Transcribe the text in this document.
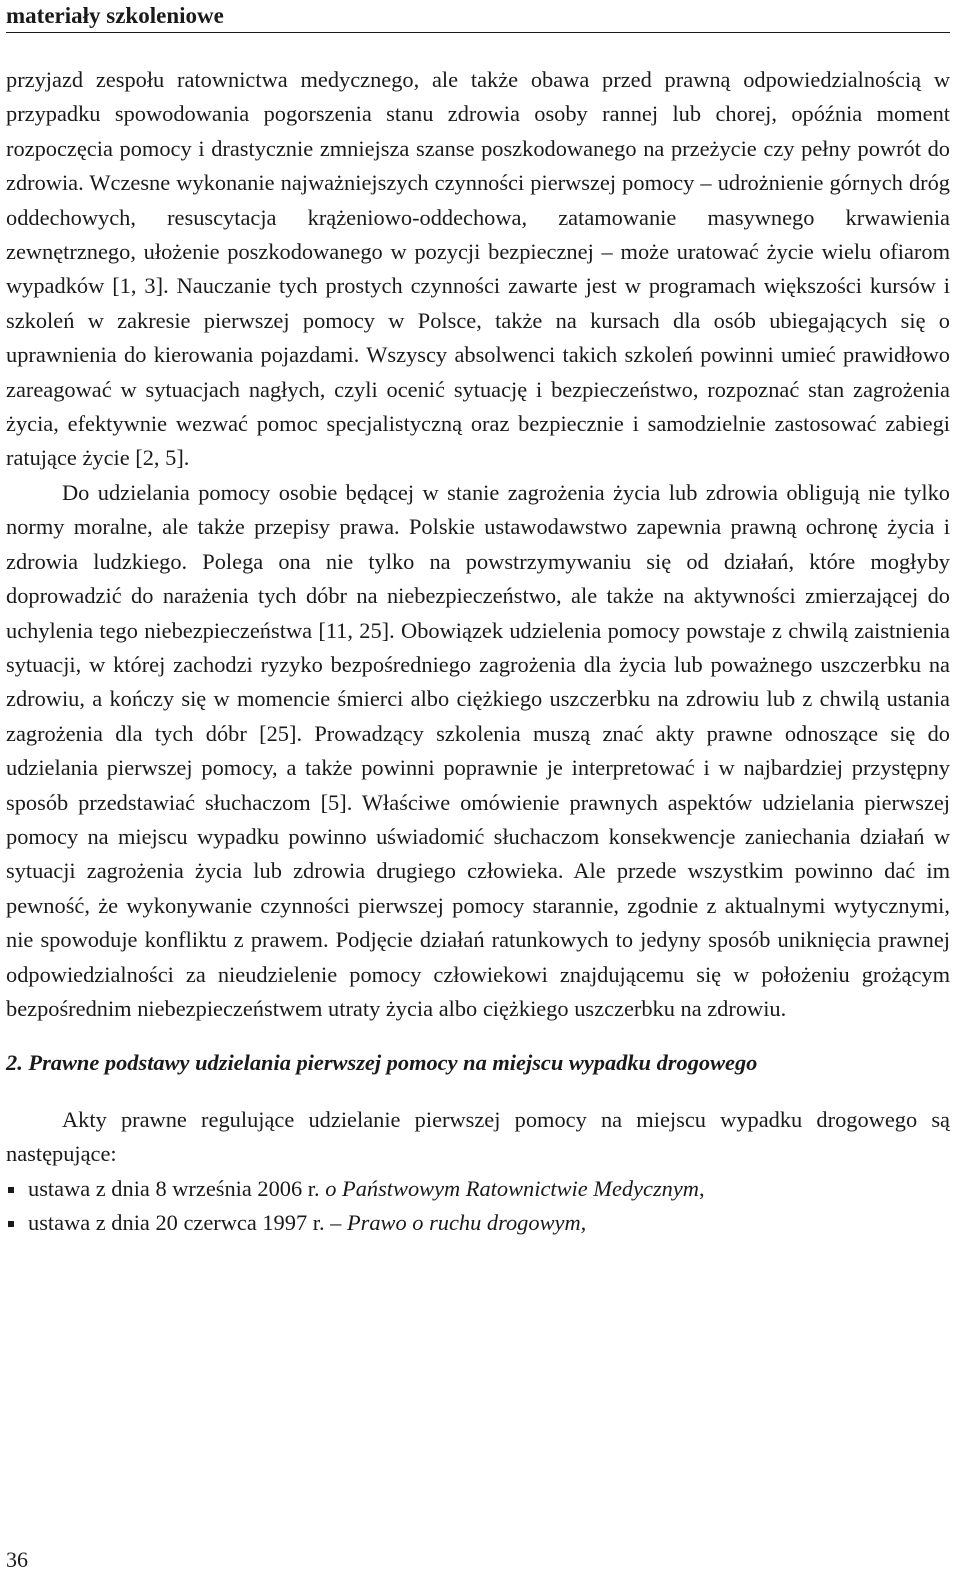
materiały szkoleniowe

przyjazd zespołu ratownictwa medycznego, ale także obawa przed prawną odpowiedzialnością w przypadku spowodowania pogorszenia stanu zdrowia osoby rannej lub chorej, opóźnia moment rozpoczęcia pomocy i drastycznie zmniejsza szanse poszkodowanego na przeżycie czy pełny powrót do zdrowia. Wczesne wykonanie najważniejszych czynności pierwszej pomocy – udrożnienie górnych dróg oddechowych, resuscytacja krążeniowo-oddechowa, zatamowanie masywnego krwawienia zewnętrznego, ułożenie poszkodowanego w pozycji bezpiecznej – może uratować życie wielu ofiarom wypadków [1, 3]. Nauczanie tych prostych czynności zawarte jest w programach większości kursów i szkoleń w zakresie pierwszej pomocy w Polsce, także na kursach dla osób ubiegających się o uprawnienia do kierowania pojazdami. Wszyscy absolwenci takich szkoleń powinni umieć prawidłowo zareagować w sytuacjach nagłych, czyli ocenić sytuację i bezpieczeństwo, rozpoznać stan zagrożenia życia, efektywnie wezwać pomoc specjalistyczną oraz bezpiecznie i samodzielnie zastosować zabiegi ratujące życie [2, 5].

Do udzielania pomocy osobie będącej w stanie zagrożenia życia lub zdrowia obligują nie tylko normy moralne, ale także przepisy prawa. Polskie ustawodawstwo zapewnia prawną ochronę życia i zdrowia ludzkiego. Polega ona nie tylko na powstrzymywaniu się od działań, które mogłyby doprowadzić do narażenia tych dóbr na niebezpieczeństwo, ale także na aktywności zmierzającej do uchylenia tego niebezpieczeństwa [11, 25]. Obowiązek udzielenia pomocy powstaje z chwilą zaistnienia sytuacji, w której zachodzi ryzyko bezpośredniego zagrożenia dla życia lub poważnego uszczerbku na zdrowiu, a kończy się w momencie śmierci albo ciężkiego uszczerbku na zdrowiu lub z chwilą ustania zagrożenia dla tych dóbr [25]. Prowadzący szkolenia muszą znać akty prawne odnoszące się do udzielania pierwszej pomocy, a także powinni poprawnie je interpretować i w najbardziej przystępny sposób przedstawiać słuchaczom [5]. Właściwe omówienie prawnych aspektów udzielania pierwszej pomocy na miejscu wypadku powinno uświadomić słuchaczom konsekwencje zaniechania działań w sytuacji zagrożenia życia lub zdrowia drugiego człowieka. Ale przede wszystkim powinno dać im pewność, że wykonywanie czynności pierwszej pomocy starannie, zgodnie z aktualnymi wytycznymi, nie spowoduje konfliktu z prawem. Podjęcie działań ratunkowych to jedyny sposób uniknięcia prawnej odpowiedzialności za nieudzielenie pomocy człowiekowi znajdującemu się w położeniu grożącym bezpośrednim niebezpieczeństwem utraty życia albo ciężkiego uszczerbku na zdrowiu.

2. Prawne podstawy udzielania pierwszej pomocy na miejscu wypadku drogowego
Akty prawne regulujące udzielanie pierwszej pomocy na miejscu wypadku drogowego są następujące:
ustawa z dnia 8 września 2006 r. o Państwowym Ratownictwie Medycznym,
ustawa z dnia 20 czerwca 1997 r. – Prawo o ruchu drogowym,
36
